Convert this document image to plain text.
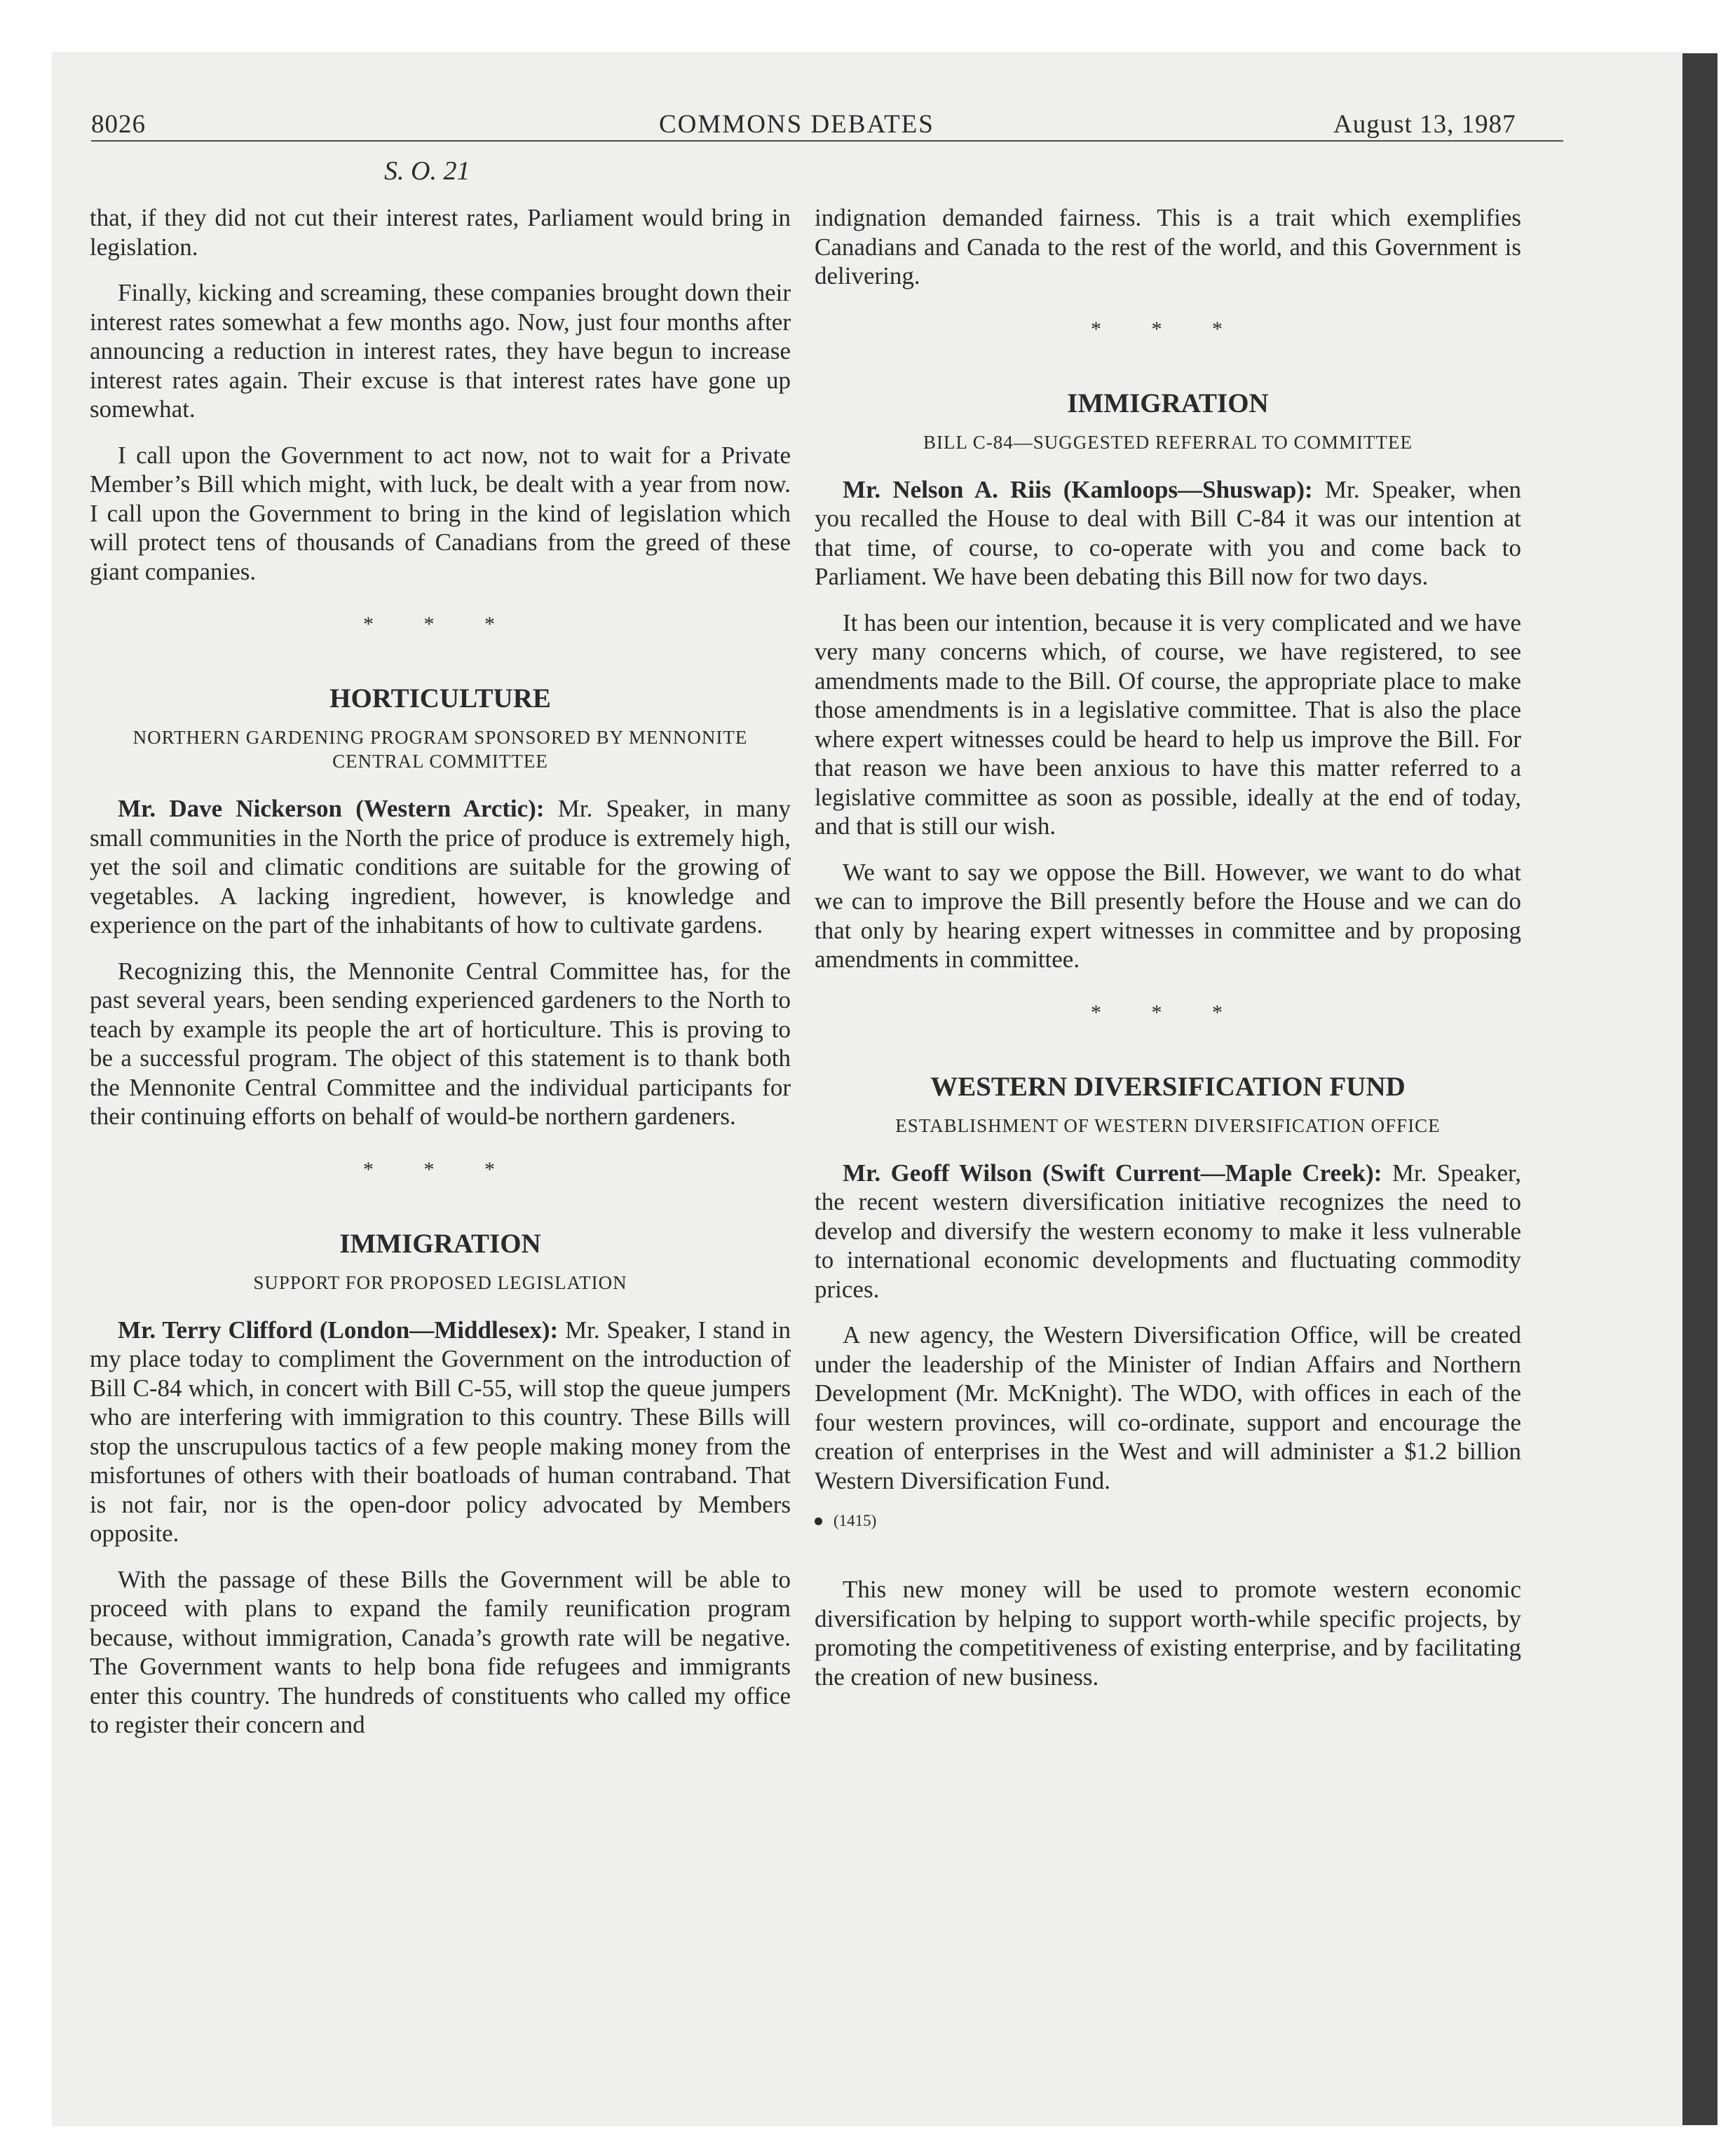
8026	COMMONS DEBATES	August 13, 1987
S. O. 21

that, if they did not cut their interest rates, Parliament would bring in legislation.

Finally, kicking and screaming, these companies brought down their interest rates somewhat a few months ago. Now, just four months after announcing a reduction in interest rates, they have begun to increase interest rates again. Their excuse is that interest rates have gone up somewhat.

I call upon the Government to act now, not to wait for a Private Member’s Bill which might, with luck, be dealt with a year from now. I call upon the Government to bring in the kind of legislation which will protect tens of thousands of Canadians from the greed of these giant companies.

* * *
HORTICULTURE
NORTHERN GARDENING PROGRAM SPONSORED BY MENNONITE CENTRAL COMMITTEE

Mr. Dave Nickerson (Western Arctic): Mr. Speaker, in many small communities in the North the price of produce is extremely high, yet the soil and climatic conditions are suitable for the growing of vegetables. A lacking ingredient, however, is knowledge and experience on the part of the inhabitants of how to cultivate gardens.

Recognizing this, the Mennonite Central Committee has, for the past several years, been sending experienced gardeners to the North to teach by example its people the art of horticulture. This is proving to be a successful program. The object of this statement is to thank both the Mennonite Central Committee and the individual participants for their continuing efforts on behalf of would-be northern gardeners.

* * *
IMMIGRATION
SUPPORT FOR PROPOSED LEGISLATION

Mr. Terry Clifford (London—Middlesex): Mr. Speaker, I stand in my place today to compliment the Government on the introduction of Bill C-84 which, in concert with Bill C-55, will stop the queue jumpers who are interfering with immigration to this country. These Bills will stop the unscrupulous tactics of a few people making money from the misfortunes of others with their boatloads of human contraband. That is not fair, nor is the open-door policy advocated by Members opposite.

With the passage of these Bills the Government will be able to proceed with plans to expand the family reunification program because, without immigration, Canada’s growth rate will be negative. The Government wants to help bona fide refugees and immigrants enter this country. The hundreds of constituents who called my office to register their concern and

indignation demanded fairness. This is a trait which exemplifies Canadians and Canada to the rest of the world, and this Government is delivering.

* * *
IMMIGRATION
BILL C-84—SUGGESTED REFERRAL TO COMMITTEE

Mr. Nelson A. Riis (Kamloops—Shuswap): Mr. Speaker, when you recalled the House to deal with Bill C-84 it was our intention at that time, of course, to co-operate with you and come back to Parliament. We have been debating this Bill now for two days.

It has been our intention, because it is very complicated and we have very many concerns which, of course, we have registered, to see amendments made to the Bill. Of course, the appropriate place to make those amendments is in a legislative committee. That is also the place where expert witnesses could be heard to help us improve the Bill. For that reason we have been anxious to have this matter referred to a legislative committee as soon as possible, ideally at the end of today, and that is still our wish.

We want to say we oppose the Bill. However, we want to do what we can to improve the Bill presently before the House and we can do that only by hearing expert witnesses in committee and by proposing amendments in committee.

* * *
WESTERN DIVERSIFICATION FUND
ESTABLISHMENT OF WESTERN DIVERSIFICATION OFFICE

Mr. Geoff Wilson (Swift Current—Maple Creek): Mr. Speaker, the recent western diversification initiative recognizes the need to develop and diversify the western economy to make it less vulnerable to international economic developments and fluctuating commodity prices.

A new agency, the Western Diversification Office, will be created under the leadership of the Minister of Indian Affairs and Northern Development (Mr. McKnight). The WDO, with offices in each of the four western provinces, will co-ordinate, support and encourage the creation of enterprises in the West and will administer a $1.2 billion Western Diversification Fund.

(1415)

This new money will be used to promote western economic diversification by helping to support worth-while specific projects, by promoting the competitiveness of existing enterprise, and by facilitating the creation of new business.
